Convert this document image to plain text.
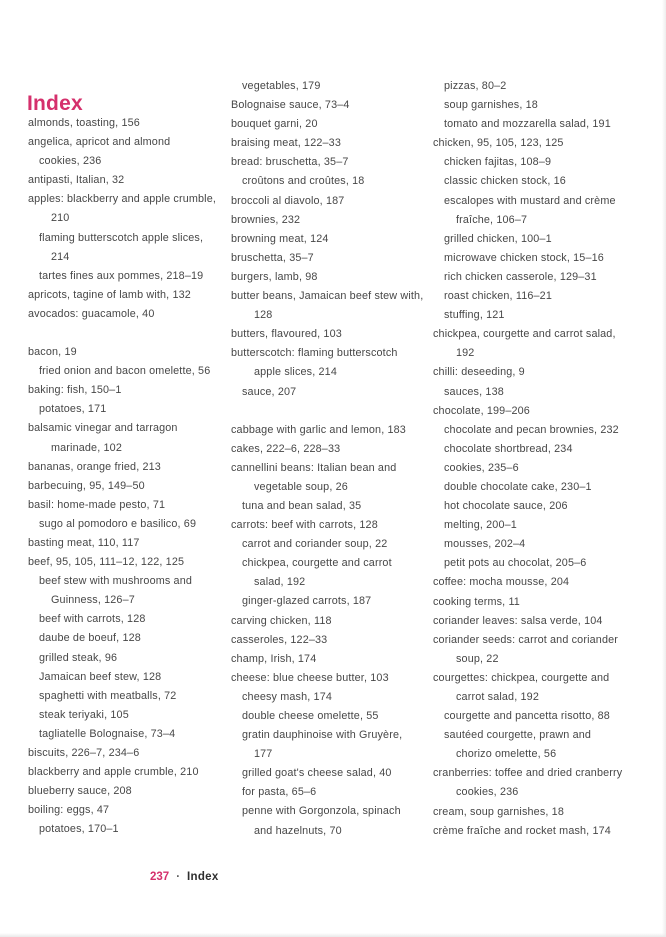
Index
almonds, toasting, 156
angelica, apricot and almond
cookies, 236
antipasti, Italian, 32
apples: blackberry and apple crumble,
210
flaming butterscotch apple slices,
214
tartes fines aux pommes, 218–19
apricots, tagine of lamb with, 132
avocados: guacamole, 40
bacon, 19
fried onion and bacon omelette, 56
baking: fish, 150–1
potatoes, 171
balsamic vinegar and tarragon
marinade, 102
bananas, orange fried, 213
barbecuing, 95, 149–50
basil: home-made pesto, 71
sugo al pomodoro e basilico, 69
basting meat, 110, 117
beef, 95, 105, 111–12, 122, 125
beef stew with mushrooms and
Guinness, 126–7
beef with carrots, 128
daube de boeuf, 128
grilled steak, 96
Jamaican beef stew, 128
spaghetti with meatballs, 72
steak teriyaki, 105
tagliatelle Bolognaise, 73–4
biscuits, 226–7, 234–6
blackberry and apple crumble, 210
blueberry sauce, 208
boiling: eggs, 47
potatoes, 170–1
vegetables, 179
Bolognaise sauce, 73–4
bouquet garni, 20
braising meat, 122–33
bread: bruschetta, 35–7
croûtons and croûtes, 18
broccoli al diavolo, 187
brownies, 232
browning meat, 124
bruschetta, 35–7
burgers, lamb, 98
butter beans, Jamaican beef stew with,
128
butters, flavoured, 103
butterscotch: flaming butterscotch
apple slices, 214
sauce, 207
cabbage with garlic and lemon, 183
cakes, 222–6, 228–33
cannellini beans: Italian bean and
vegetable soup, 26
tuna and bean salad, 35
carrots: beef with carrots, 128
carrot and coriander soup, 22
chickpea, courgette and carrot
salad, 192
ginger-glazed carrots, 187
carving chicken, 118
casseroles, 122–33
champ, Irish, 174
cheese: blue cheese butter, 103
cheesy mash, 174
double cheese omelette, 55
gratin dauphinoise with Gruyère,
177
grilled goat's cheese salad, 40
for pasta, 65–6
penne with Gorgonzola, spinach
and hazelnuts, 70
pizzas, 80–2
soup garnishes, 18
tomato and mozzarella salad, 191
chicken, 95, 105, 123, 125
chicken fajitas, 108–9
classic chicken stock, 16
escalopes with mustard and crème
fraîche, 106–7
grilled chicken, 100–1
microwave chicken stock, 15–16
rich chicken casserole, 129–31
roast chicken, 116–21
stuffing, 121
chickpea, courgette and carrot salad,
192
chilli: deseeding, 9
sauces, 138
chocolate, 199–206
chocolate and pecan brownies, 232
chocolate shortbread, 234
cookies, 235–6
double chocolate cake, 230–1
hot chocolate sauce, 206
melting, 200–1
mousses, 202–4
petit pots au chocolat, 205–6
coffee: mocha mousse, 204
cooking terms, 11
coriander leaves: salsa verde, 104
coriander seeds: carrot and coriander
soup, 22
courgettes: chickpea, courgette and
carrot salad, 192
courgette and pancetta risotto, 88
sautéed courgette, prawn and
chorizo omelette, 56
cranberries: toffee and dried cranberry
cookies, 236
cream, soup garnishes, 18
crème fraîche and rocket mash, 174
237 · Index
